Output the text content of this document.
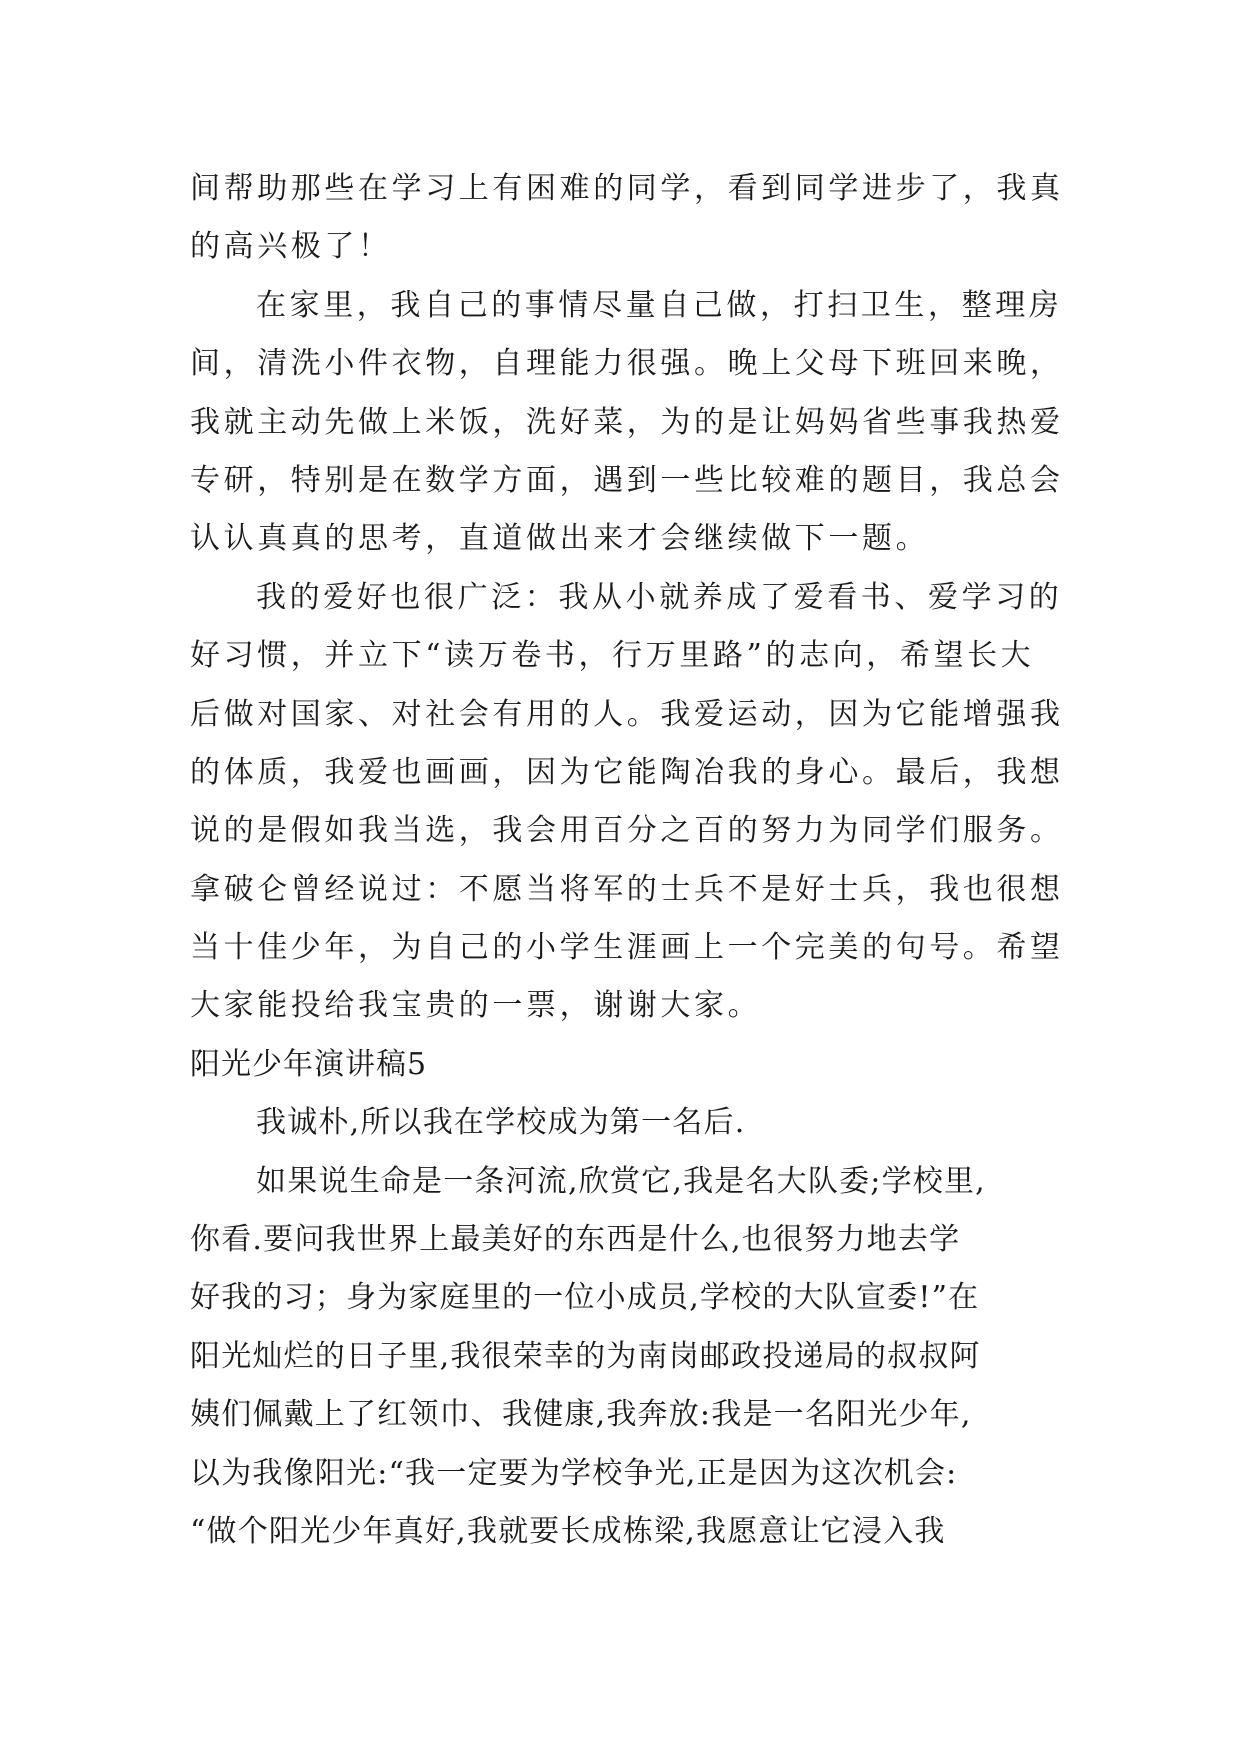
间帮助那些在学习上有困难的同学，看到同学进步了，我真
的高兴极了！
在家里，我自己的事情尽量自己做，打扫卫生，整理房
间，清洗小件衣物，自理能力很强。晚上父母下班回来晚，
我就主动先做上米饭，洗好菜，为的是让妈妈省些事我热爱
专研，特别是在数学方面，遇到一些比较难的题目，我总会
认认真真的思考，直道做出来才会继续做下一题。
我的爱好也很广泛：我从小就养成了爱看书、爱学习的
好习惯，并立下“读万卷书，行万里路”的志向，希望长大
后做对国家、对社会有用的人。我爱运动，因为它能增强我
的体质，我爱也画画，因为它能陶冶我的身心。最后，我想
说的是假如我当选，我会用百分之百的努力为同学们服务。
拿破仑曾经说过：不愿当将军的士兵不是好士兵，我也很想
当十佳少年，为自己的小学生涯画上一个完美的句号。希望
大家能投给我宝贵的一票，谢谢大家。
阳光少年演讲稿5
我诚朴,所以我在学校成为第一名后.
如果说生命是一条河流,欣赏它,我是名大队委;学校里,
你看.要问我世界上最美好的东西是什么,也很努力地去学
好我的习；身为家庭里的一位小成员,学校的大队宣委!”在
阳光灿烂的日子里,我很荣幸的为南岗邮政投递局的叔叔阿
姨们佩戴上了红领巾、我健康,我奔放:我是一名阳光少年,
以为我像阳光:“我一定要为学校争光,正是因为这次机会:
“做个阳光少年真好,我就要长成栋梁,我愿意让它浸入我
